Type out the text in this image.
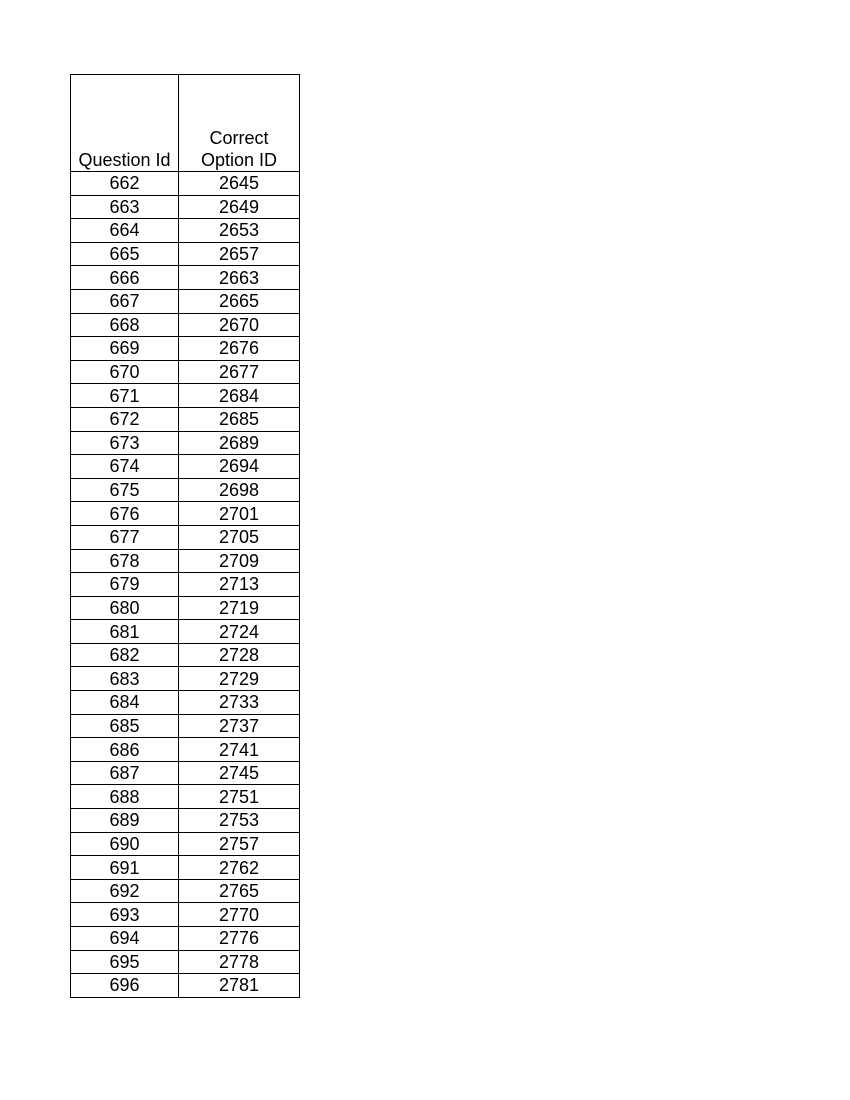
Question Id	Correct
Option ID

662	2645
663	2649
664	2653
665	2657
666	2663
667	2665
668	2670
669	2676
670	2677
671	2684
672	2685
673	2689
674	2694
675	2698
676	2701
677	2705
678	2709
679	2713
680	2719
681	2724
682	2728
683	2729
684	2733
685	2737
686	2741
687	2745
688	2751
689	2753
690	2757
691	2762
692	2765
693	2770
694	2776
695	2778
696	2781
